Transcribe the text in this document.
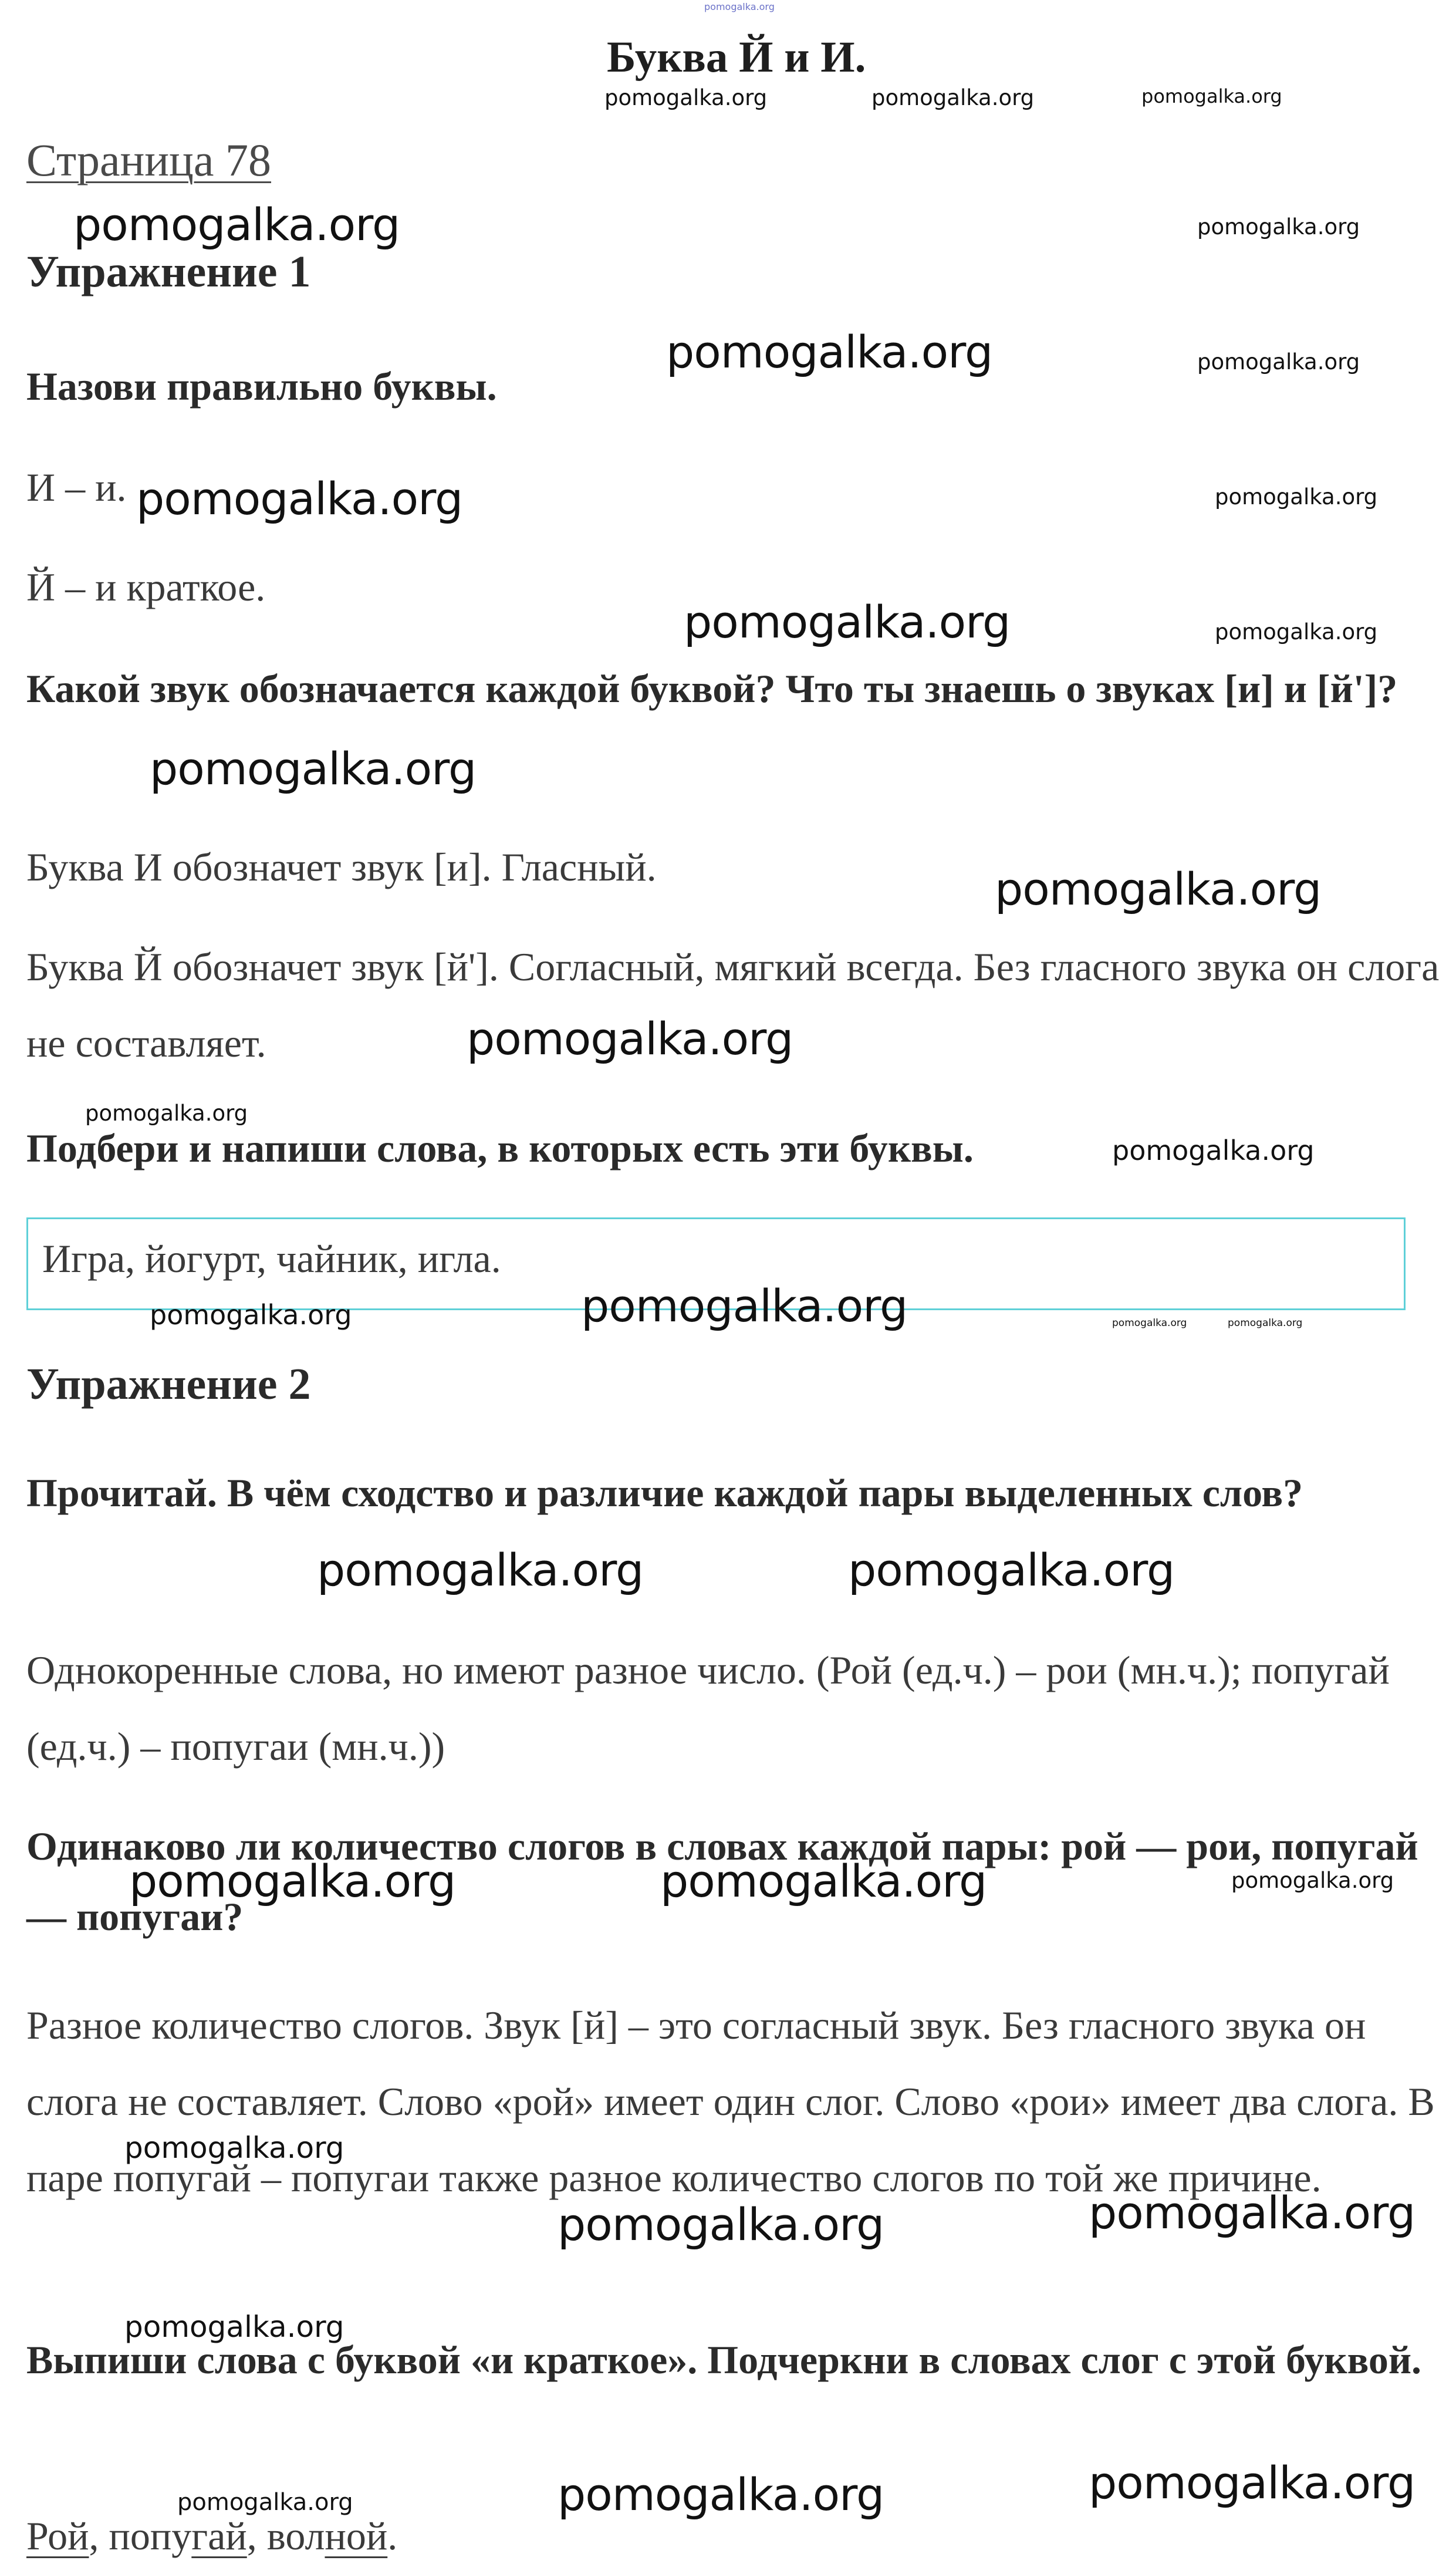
pomogalka.org
Буква Й и И.
Страница 78
Упражнение 1
Назови правильно буквы.
И – и.
Й – и краткое.
Какой звук обозначается каждой буквой? Что ты знаешь о звуках [и] и [й']?
Буква И обозначет звук [и]. Гласный.
Буква Й обозначет звук [й']. Согласный, мягкий всегда. Без гласного звука он слога не составляет.
Подбери и напиши слова, в которых есть эти буквы.
Игра, йогурт, чайник, игла.
Упражнение 2
Прочитай. В чём сходство и различие каждой пары выделенных слов?
Однокоренные слова, но имеют разное число. (Рой (ед.ч.) – рои (мн.ч.); попугай (ед.ч.) – попугаи (мн.ч.))
Одинаково ли количество слогов в словах каждой пары: рой — рои, попугай — попугаи?
Разное количество слогов. Звук [й] – это согласный звук. Без гласного звука он слога не составляет. Слово «рой» имеет один слог. Слово «рои» имеет два слога. В паре попугай – попугаи также разное количество слогов по той же причине.
Выпиши слова с буквой «и краткое». Подчеркни в словах слог с этой буквой.
Рой, попугай, волной.
pomogalka.org	pomogalka.org	pomogalka.org
pomogalka.org	pomogalka.org
pomogalka.org	pomogalka.org
pomogalka.org	pomogalka.org
pomogalka.org	pomogalka.org
pomogalka.org
pomogalka.org
pomogalka.org
pomogalka.org
pomogalka.org
pomogalka.org	pomogalka.org	pomogalka.org	pomogalka.org
pomogalka.org	pomogalka.org
pomogalka.org	pomogalka.org	pomogalka.org
pomogalka.org
pomogalka.org	pomogalka.org
pomogalka.org
pomogalka.org	pomogalka.org	pomogalka.org
